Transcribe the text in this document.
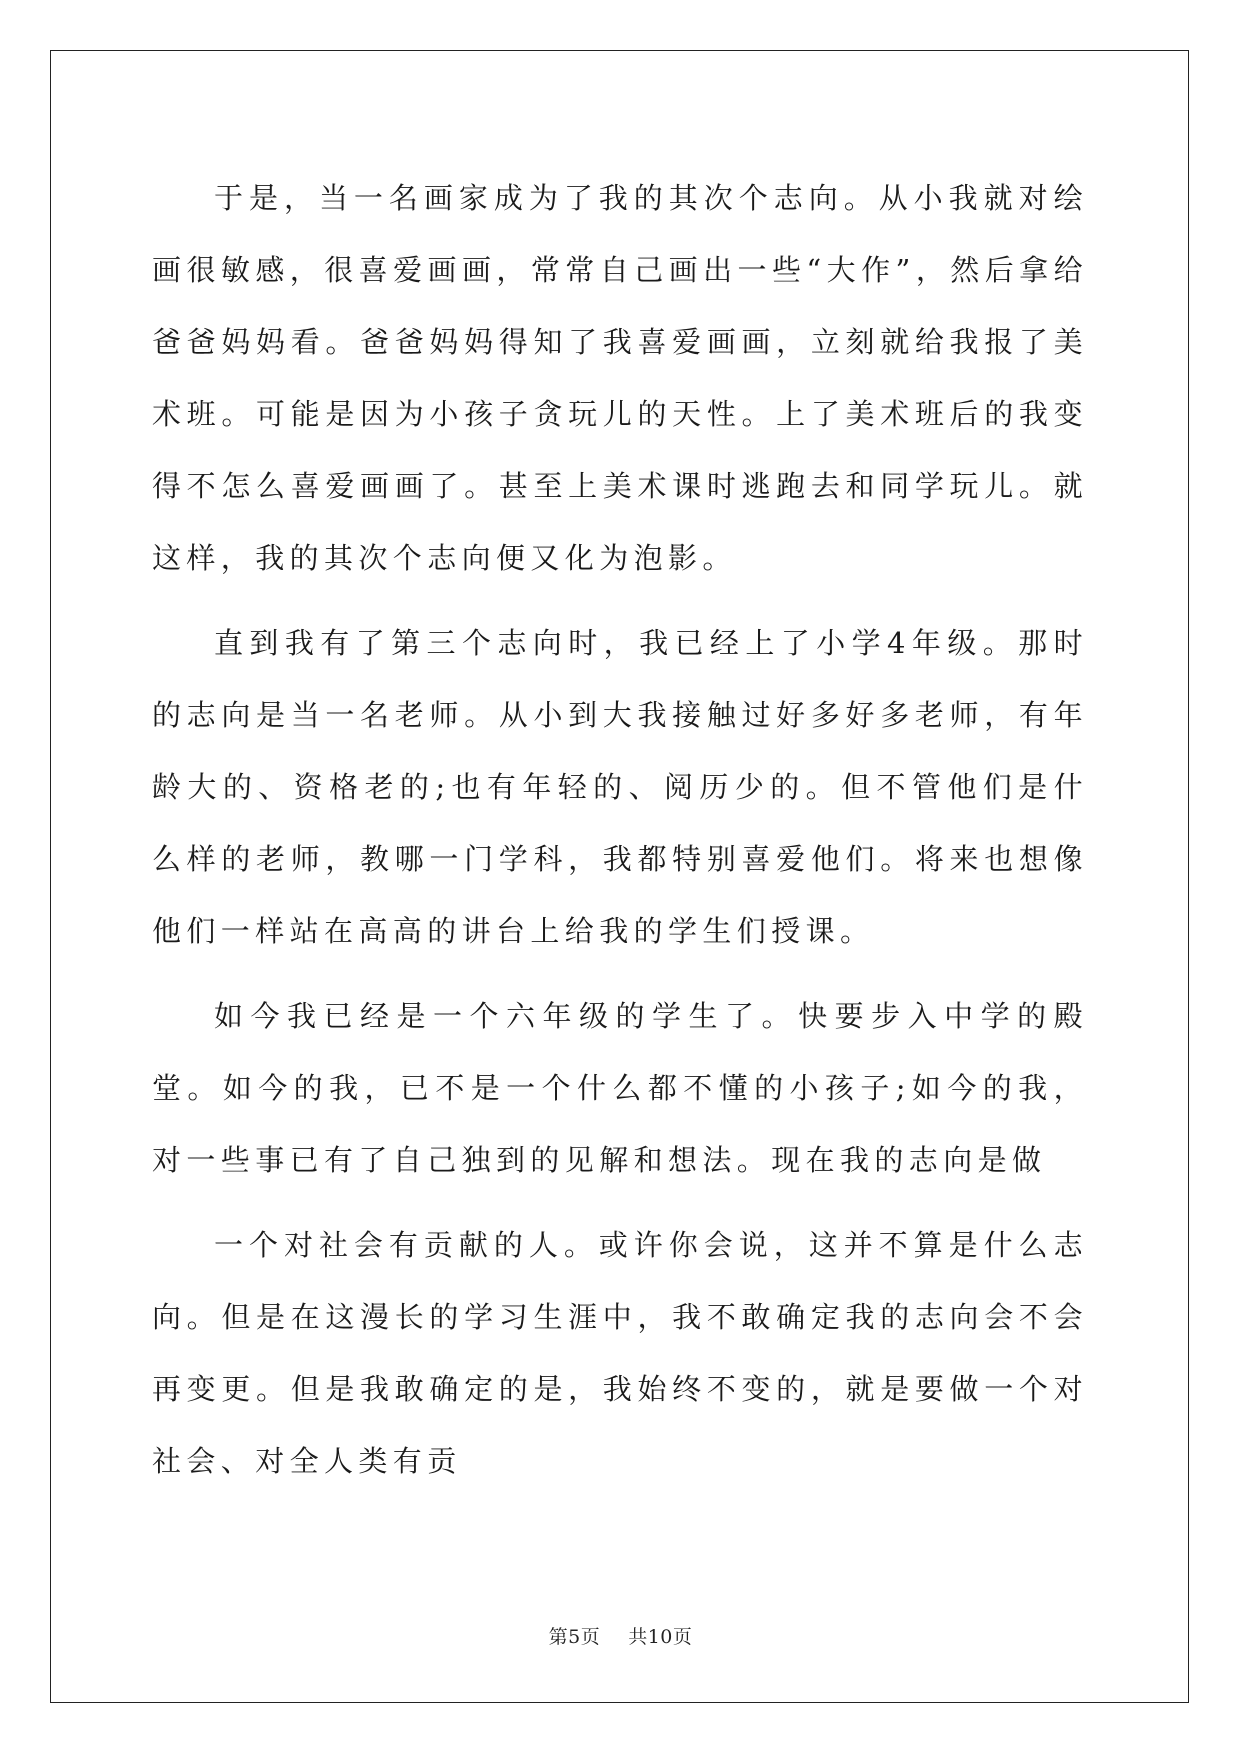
于是，当一名画家成为了我的其次个志向。从小我就对绘画很敏感，很喜爱画画，常常自己画出一些“大作”，然后拿给爸爸妈妈看。爸爸妈妈得知了我喜爱画画，立刻就给我报了美术班。可能是因为小孩子贪玩儿的天性。上了美术班后的我变得不怎么喜爱画画了。甚至上美术课时逃跑去和同学玩儿。就这样，我的其次个志向便又化为泡影。

直到我有了第三个志向时，我已经上了小学4年级。那时的志向是当一名老师。从小到大我接触过好多好多老师，有年龄大的、资格老的;也有年轻的、阅历少的。但不管他们是什么样的老师，教哪一门学科，我都特别喜爱他们。将来也想像他们一样站在高高的讲台上给我的学生们授课。

如今我已经是一个六年级的学生了。快要步入中学的殿堂。如今的我，已不是一个什么都不懂的小孩子;如今的我，对一些事已有了自己独到的见解和想法。现在我的志向是做

一个对社会有贡献的人。或许你会说，这并不算是什么志向。但是在这漫长的学习生涯中，我不敢确定我的志向会不会再变更。但是我敢确定的是，我始终不变的，就是要做一个对社会、对全人类有贡

第5页 共10页
